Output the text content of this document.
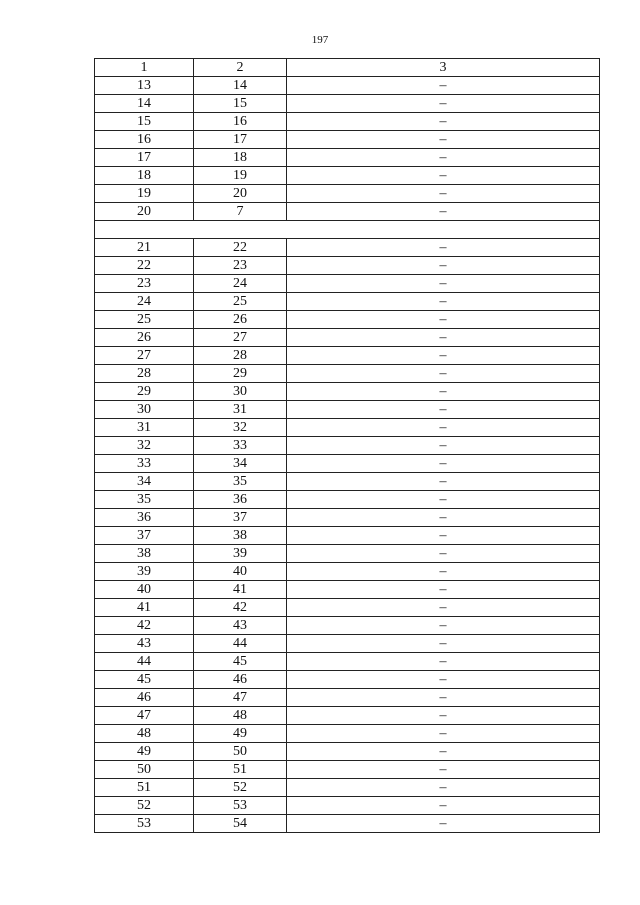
197
1	2	3
13	14	–
14	15	–
15	16	–
16	17	–
17	18	–
18	19	–
19	20	–
20	7	–

21	22	–
22	23	–
23	24	–
24	25	–
25	26	–
26	27	–
27	28	–
28	29	–
29	30	–
30	31	–
31	32	–
32	33	–
33	34	–
34	35	–
35	36	–
36	37	–
37	38	–
38	39	–
39	40	–
40	41	–
41	42	–
42	43	–
43	44	–
44	45	–
45	46	–
46	47	–
47	48	–
48	49	–
49	50	–
50	51	–
51	52	–
52	53	–
53	54	–
